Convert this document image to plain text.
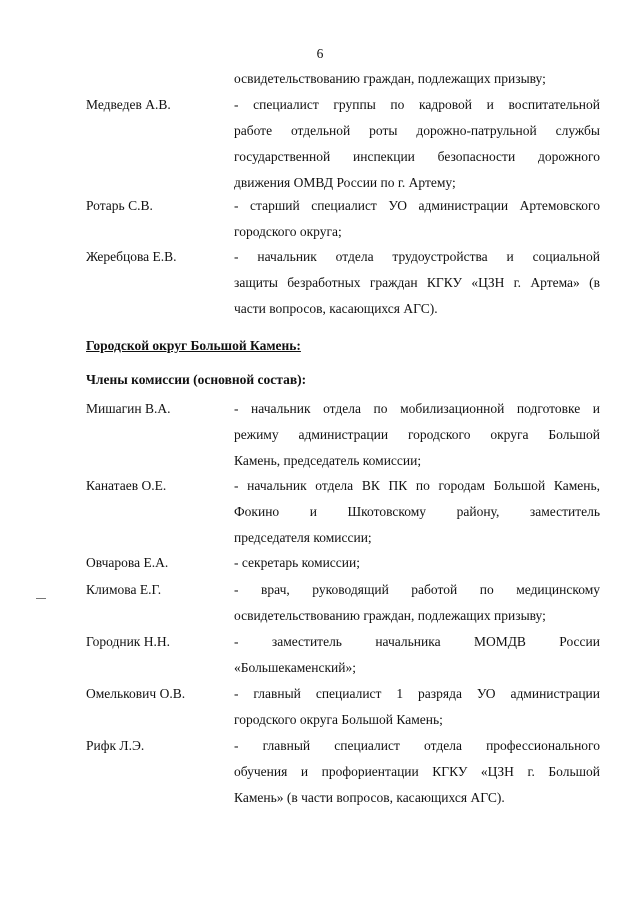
6
освидетельствованию граждан, подлежащих призыву;
Медведев А.В.	- специалист группы по кадровой и воспитательной
работе отдельной роты дорожно-патрульной службы
государственной инспекции безопасности дорожного
движения ОМВД России по г. Артему;
Ротарь С.В.	- старший специалист УО администрации Артемовского
городского округа;
Жеребцова Е.В.	- начальник отдела трудоустройства и социальной
защиты безработных граждан КГКУ «ЦЗН г. Артема» (в
части вопросов, касающихся АГС).
Городской округ Большой Камень:
Члены комиссии (основной состав):
Мишагин В.А.	- начальник отдела по мобилизационной подготовке и
режиму администрации городского округа Большой
Камень, председатель комиссии;
Канатаев О.Е.	- начальник отдела ВК ПК по городам Большой Камень,
Фокино и Шкотовскому району, заместитель
председателя комиссии;
Овчарова Е.А.	- секретарь комиссии;
Климова Е.Г.	- врач, руководящий работой по медицинскому
освидетельствованию граждан, подлежащих призыву;
Городник Н.Н.	- заместитель начальника МОМДВ России
«Большекаменский»;
Омелькович О.В.	- главный специалист 1 разряда УО администрации
городского округа Большой Камень;
Рифк Л.Э.	- главный специалист отдела профессионального
обучения и профориентации КГКУ «ЦЗН г. Большой
Камень» (в части вопросов, касающихся АГС).
